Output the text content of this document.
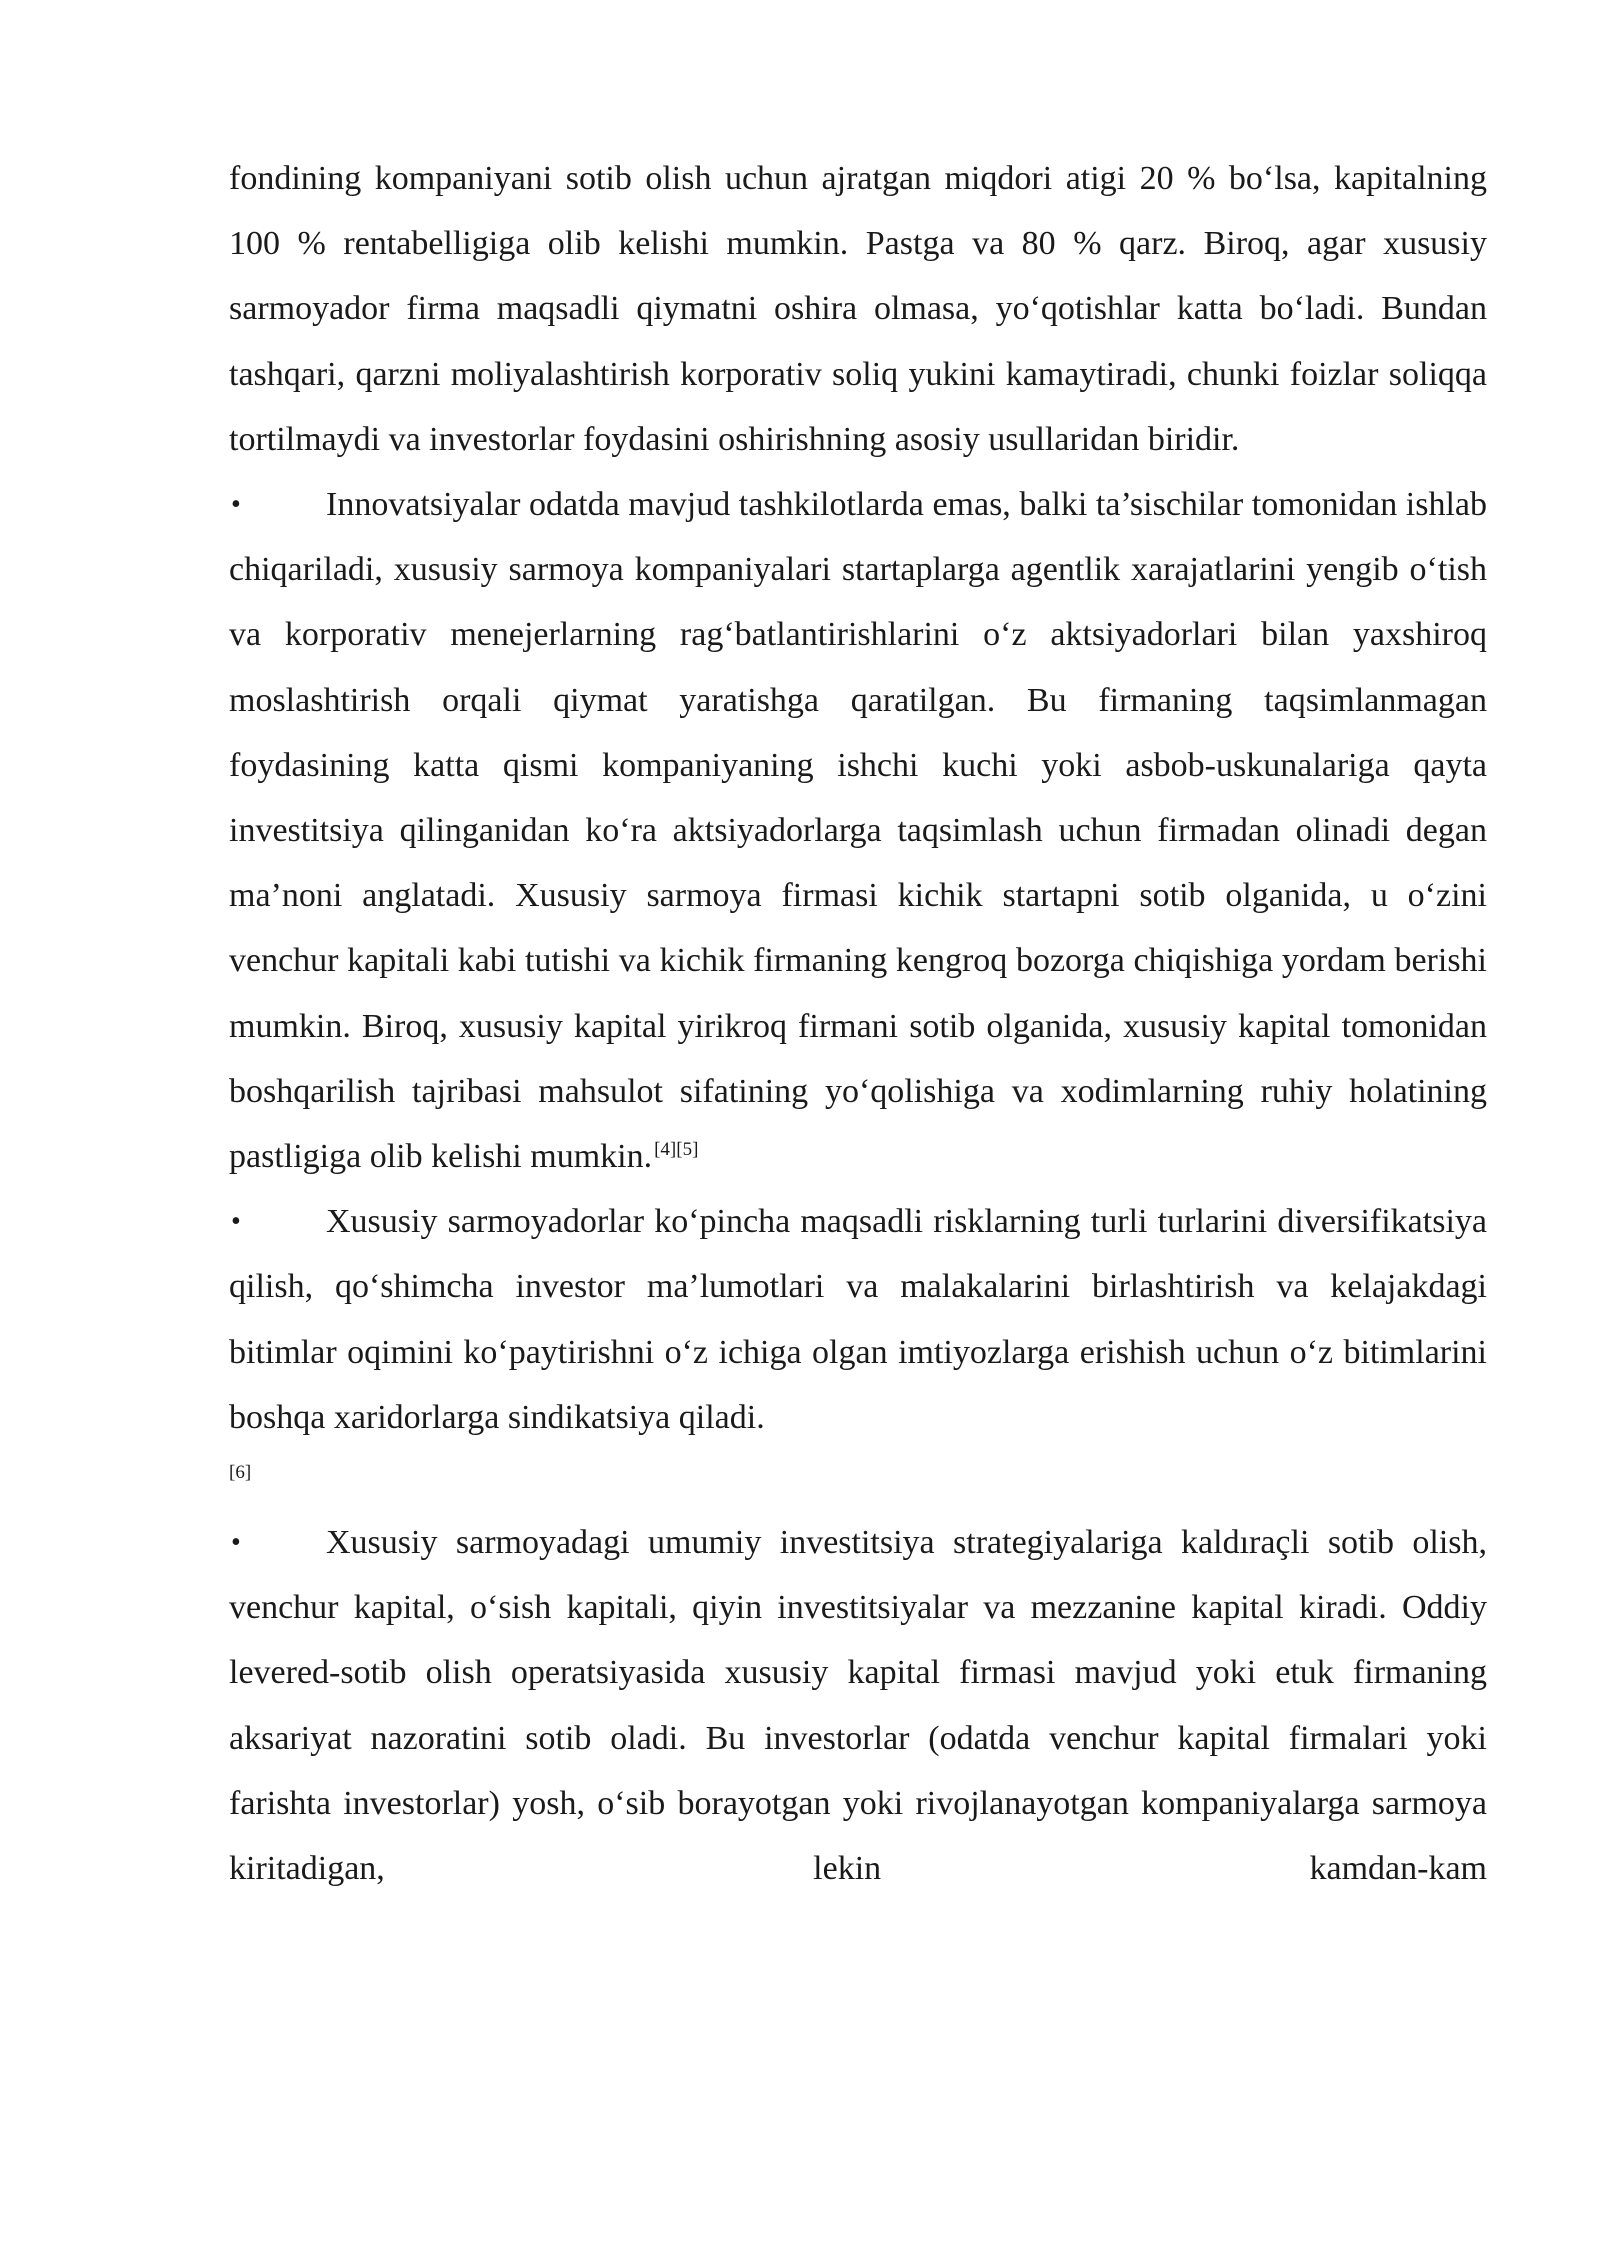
fondining kompaniyani sotib olish uchun ajratgan miqdori atigi 20 % bo‘lsa, kapitalning 100 % rentabelligiga olib kelishi mumkin. Pastga va 80 % qarz. Biroq, agar xususiy sarmoyador firma maqsadli qiymatni oshira olmasa, yo‘qotishlar katta bo‘ladi. Bundan tashqari, qarzni moliyalashtirish korporativ soliq yukini kamaytiradi, chunki foizlar soliqqa tortilmaydi va investorlar foydasini oshirishning asosiy usullaridan biridir.

•	Innovatsiyalar odatda mavjud tashkilotlarda emas, balki ta’sischilar tomonidan ishlab chiqariladi, xususiy sarmoya kompaniyalari startaplarga agentlik xarajatlarini yengib o‘tish va korporativ menejerlarning rag‘batlantirishlarini o‘z aktsiyadorlari bilan yaxshiroq moslashtirish orqali qiymat yaratishga qaratilgan. Bu firmaning taqsimlanmagan foydasining katta qismi kompaniyaning ishchi kuchi yoki asbob-uskunalariga qayta investitsiya qilinganidan ko‘ra aktsiyadorlarga taqsimlash uchun firmadan olinadi degan ma’noni anglatadi. Xususiy sarmoya firmasi kichik startapni sotib olganida, u o‘zini venchur kapitali kabi tutishi va kichik firmaning kengroq bozorga chiqishiga yordam berishi mumkin. Biroq, xususiy kapital yirikroq firmani sotib olganida, xususiy kapital tomonidan boshqarilish tajribasi mahsulot sifatining yo‘qolishiga va xodimlarning ruhiy holatining pastligiga olib kelishi mumkin. [4][5]

•	Xususiy sarmoyadorlar ko‘pincha maqsadli risklarning turli turlarini diversifikatsiya qilish, qo‘shimcha investor ma’lumotlari va malakalarini birlashtirish va kelajakdagi bitimlar oqimini ko‘paytirishni o‘z ichiga olgan imtiyozlarga erishish uchun o‘z bitimlarini boshqa xaridorlarga sindikatsiya qiladi.

[6]
•	Xususiy sarmoyadagi umumiy investitsiya strategiyalariga kaldıraçli sotib olish, venchur kapital, o‘sish kapitali, qiyin investitsiyalar va mezzanine kapital kiradi. Oddiy levered-sotib olish operatsiyasida xususiy kapital firmasi mavjud yoki etuk firmaning aksariyat nazoratini sotib oladi. Bu investorlar (odatda venchur kapital firmalari yoki farishta investorlar) yosh, o‘sib borayotgan yoki rivojlanayotgan kompaniyalarga sarmoya kiritadigan, lekin kamdan-kam
